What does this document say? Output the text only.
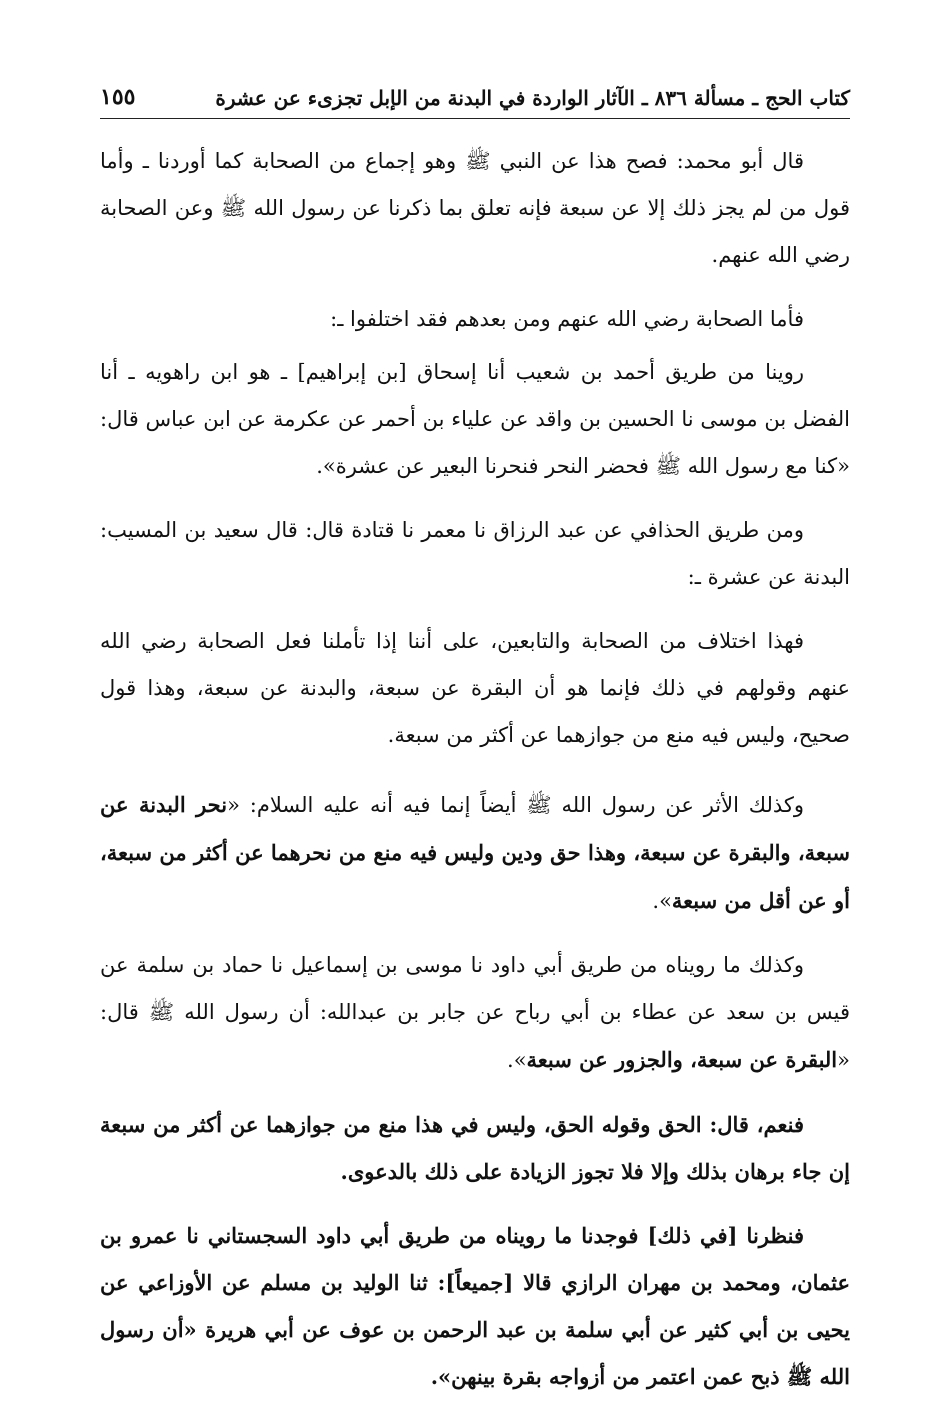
كتاب الحج ـ مسألة ٨٣٦ ـ الآثار الواردة في البدنة من الإبل تجزىء عن عشرة
١٥٥

قال أبو محمد: فصح هذا عن النبي ﷺ وهو إجماع من الصحابة كما أوردنا ـ وأما قول من لم يجز ذلك إلا عن سبعة فإنه تعلق بما ذكرنا عن رسول الله ﷺ وعن الصحابة رضي الله عنهم.

فأما الصحابة رضي الله عنهم ومن بعدهم فقد اختلفوا ـ:

روينا من طريق أحمد بن شعيب أنا إسحاق [بن إبراهيم] ـ هو ابن راهويه ـ أنا الفضل بن موسى نا الحسين بن واقد عن علياء بن أحمر عن عكرمة عن ابن عباس قال: «كنا مع رسول الله ﷺ فحضر النحر فنحرنا البعير عن عشرة».

ومن طريق الحذافي عن عبد الرزاق نا معمر نا قتادة قال: قال سعيد بن المسيب: البدنة عن عشرة ـ:

فهذا اختلاف من الصحابة والتابعين، على أننا إذا تأملنا فعل الصحابة رضي الله عنهم وقولهم في ذلك فإنما هو أن البقرة عن سبعة، والبدنة عن سبعة، وهذا قول صحيح، وليس فيه منع من جوازهما عن أكثر من سبعة.

وكذلك الأثر عن رسول الله ﷺ أيضاً إنما فيه أنه عليه السلام: «نحر البدنة عن سبعة، والبقرة عن سبعة، وهذا حق ودين وليس فيه منع من نحرهما عن أكثر من سبعة، أو عن أقل من سبعة».

وكذلك ما رويناه من طريق أبي داود نا موسى بن إسماعيل نا حماد بن سلمة عن قيس بن سعد عن عطاء بن أبي رباح عن جابر بن عبدالله: أن رسول الله ﷺ قال: «البقرة عن سبعة، والجزور عن سبعة».

فنعم، قال: الحق وقوله الحق، وليس في هذا منع من جوازهما عن أكثر من سبعة إن جاء برهان بذلك وإلا فلا تجوز الزيادة على ذلك بالدعوى.

فنظرنا [في ذلك] فوجدنا ما رويناه من طريق أبي داود السجستاني نا عمرو بن عثمان، ومحمد بن مهران الرازي قالا [جميعاً]: ثنا الوليد بن مسلم عن الأوزاعي عن يحيى بن أبي كثير عن أبي سلمة بن عبد الرحمن بن عوف عن أبي هريرة «أن رسول الله ﷺ ذبح عمن اعتمر من أزواجه بقرة بينهن».
